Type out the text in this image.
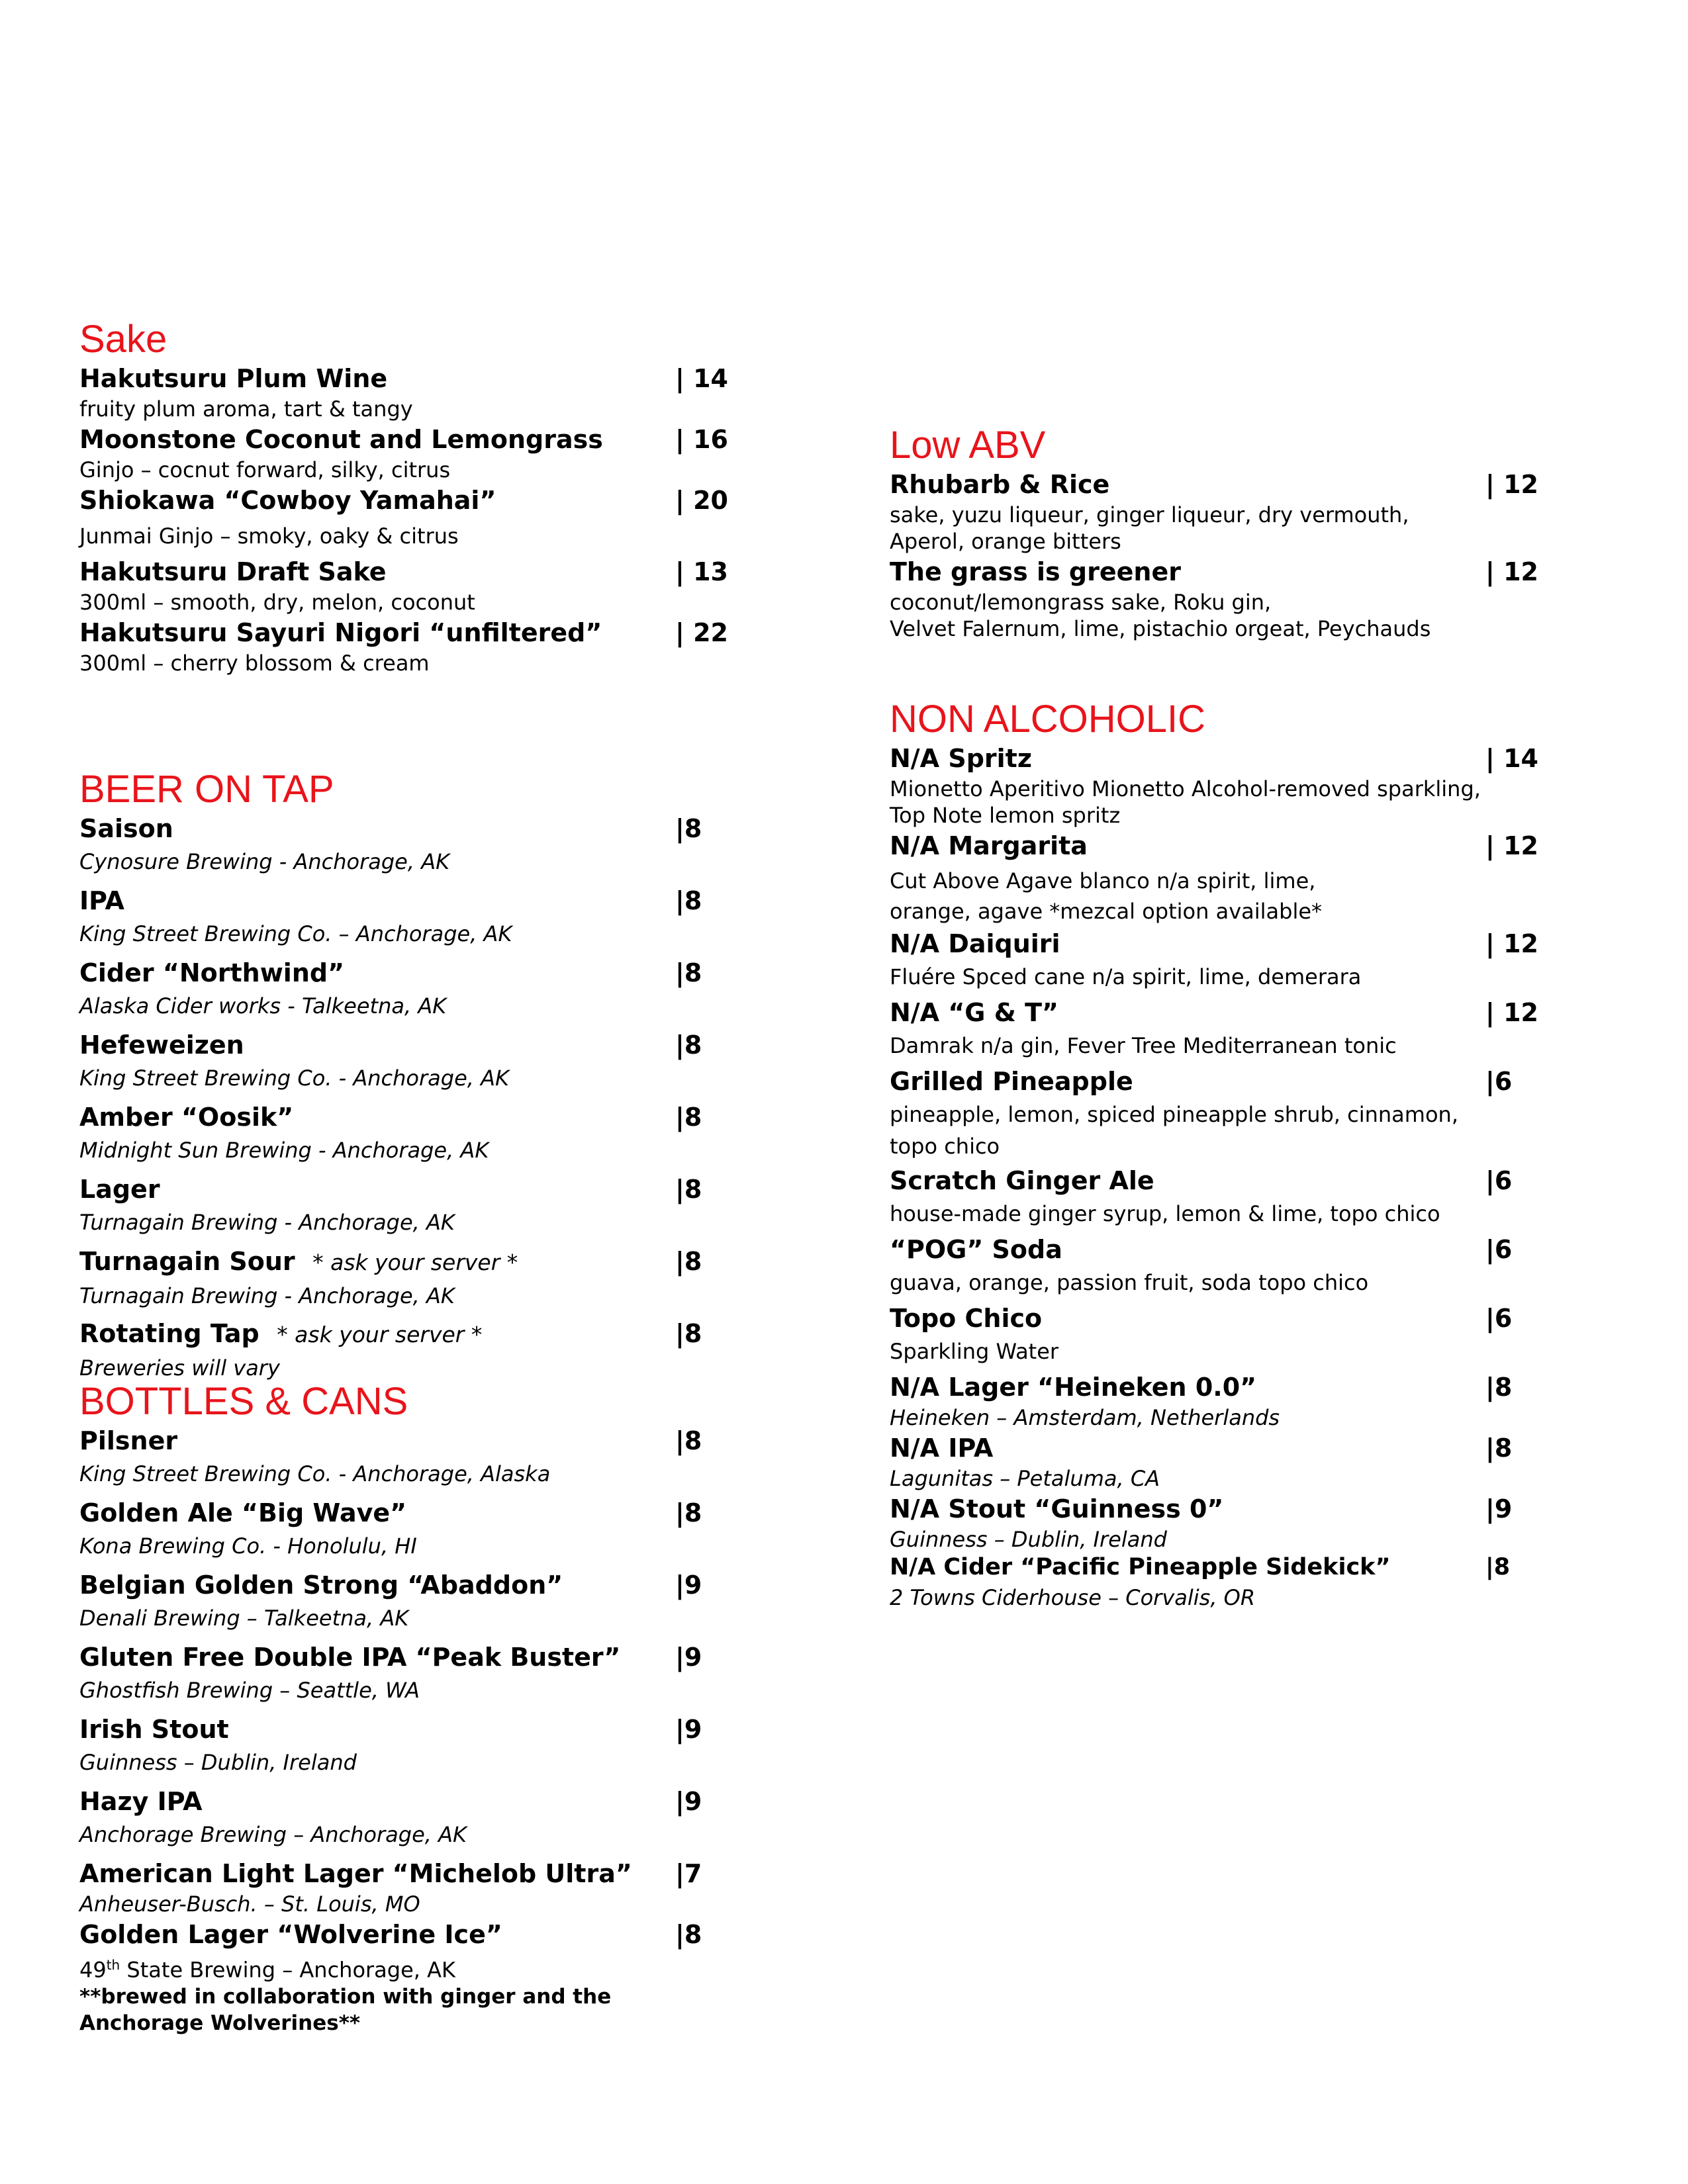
Sake
Hakutsuru Plum Wine	| 14
fruity plum aroma, tart & tangy
Moonstone Coconut and Lemongrass	| 16
Ginjo – cocnut forward, silky, citrus
Shiokawa “Cowboy Yamahai”	| 20
Junmai Ginjo – smoky, oaky & citrus
Hakutsuru Draft Sake	| 13
300ml – smooth, dry, melon, coconut
Hakutsuru Sayuri Nigori “unfiltered”	| 22
300ml – cherry blossom & cream
BEER ON TAP
Saison	|8
Cynosure Brewing - Anchorage, AK
IPA	|8
King Street Brewing Co. – Anchorage, AK
Cider “Northwind”	|8
Alaska Cider works - Talkeetna, AK
Hefeweizen	|8
King Street Brewing Co. - Anchorage, AK
Amber “Oosik”	|8
Midnight Sun Brewing - Anchorage, AK
Lager	|8
Turnagain Brewing - Anchorage, AK
Turnagain Sour * ask your server *	|8
Turnagain Brewing - Anchorage, AK
Rotating Tap * ask your server *	|8
Breweries will vary
BOTTLES & CANS
Pilsner	|8
King Street Brewing Co. - Anchorage, Alaska
Golden Ale “Big Wave”	|8
Kona Brewing Co. - Honolulu, HI
Belgian Golden Strong “Abaddon”	|9
Denali Brewing – Talkeetna, AK
Gluten Free Double IPA “Peak Buster”	|9
Ghostfish Brewing – Seattle, WA
Irish Stout	|9
Guinness – Dublin, Ireland
Hazy IPA	|9
Anchorage Brewing – Anchorage, AK
American Light Lager “Michelob Ultra”	|7
Anheuser-Busch. – St. Louis, MO
Golden Lager “Wolverine Ice”	|8
49th State Brewing – Anchorage, AK
**brewed in collaboration with ginger and the
Anchorage Wolverines**
Low ABV
Rhubarb & Rice	| 12
sake, yuzu liqueur, ginger liqueur, dry vermouth,
Aperol, orange bitters
The grass is greener	| 12
coconut/lemongrass sake, Roku gin,
Velvet Falernum, lime, pistachio orgeat, Peychauds
NON ALCOHOLIC
N/A Spritz	| 14
Mionetto Aperitivo Mionetto Alcohol-removed sparkling,
Top Note lemon spritz
N/A Margarita	| 12
Cut Above Agave blanco n/a spirit, lime,
orange, agave *mezcal option available*
N/A Daiquiri	| 12
Fluére Spced cane n/a spirit, lime, demerara
N/A “G & T”	| 12
Damrak n/a gin, Fever Tree Mediterranean tonic
Grilled Pineapple	|6
pineapple, lemon, spiced pineapple shrub, cinnamon,
topo chico
Scratch Ginger Ale	|6
house-made ginger syrup, lemon & lime, topo chico
“POG” Soda	|6
guava, orange, passion fruit, soda topo chico
Topo Chico	|6
Sparkling Water
N/A Lager “Heineken 0.0”	|8
Heineken – Amsterdam, Netherlands
N/A IPA	|8
Lagunitas – Petaluma, CA
N/A Stout “Guinness 0”	|9
Guinness – Dublin, Ireland
N/A Cider “Pacific Pineapple Sidekick”	|8
2 Towns Ciderhouse – Corvalis, OR
